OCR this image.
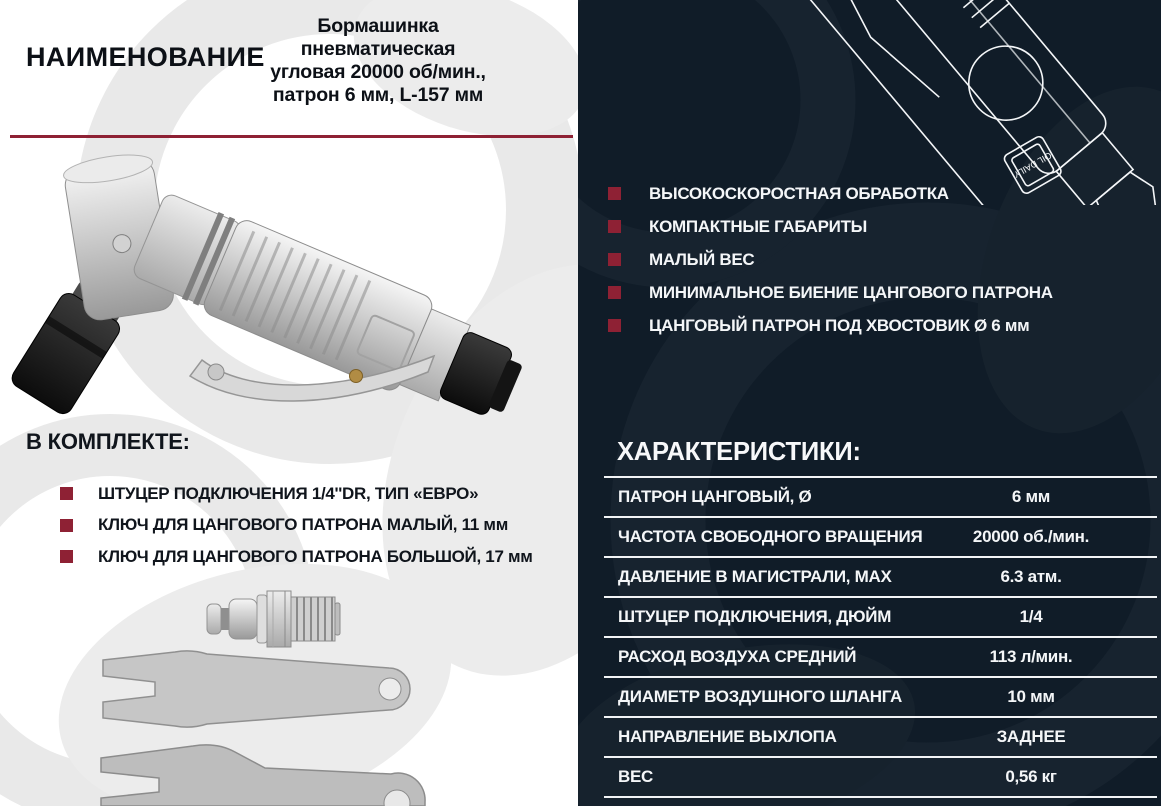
НАИМЕНОВАНИЕ
Бормашинка
пневматическая
угловая 20000 об/мин.,
патрон 6 мм, L-157 мм
В КОМПЛЕКТЕ:
ШТУЦЕР ПОДКЛЮЧЕНИЯ 1/4''DR, ТИП «ЕВРО»
КЛЮЧ ДЛЯ ЦАНГОВОГО ПАТРОНА МАЛЫЙ, 11 мм
КЛЮЧ ДЛЯ ЦАНГОВОГО ПАТРОНА БОЛЬШОЙ, 17 мм
OIL DAILY
ВЫСОКОСКОРОСТНАЯ ОБРАБОТКА
КОМПАКТНЫЕ ГАБАРИТЫ
МАЛЫЙ ВЕС
МИНИМАЛЬНОЕ БИЕНИЕ ЦАНГОВОГО ПАТРОНА
ЦАНГОВЫЙ ПАТРОН ПОД ХВОСТОВИК Ø 6 мм
ХАРАКТЕРИСТИКИ:
ПАТРОН ЦАНГОВЫЙ, Ø	6 мм
ЧАСТОТА СВОБОДНОГО ВРАЩЕНИЯ	20000 об./мин.
ДАВЛЕНИЕ В МАГИСТРАЛИ, MAX	6.3 атм.
ШТУЦЕР ПОДКЛЮЧЕНИЯ, ДЮЙМ	1/4
РАСХОД ВОЗДУХА СРЕДНИЙ	113 л/мин.
ДИАМЕТР ВОЗДУШНОГО ШЛАНГА	10 мм
НАПРАВЛЕНИЕ ВЫХЛОПА	ЗАДНЕЕ
ВЕС	0,56 кг
